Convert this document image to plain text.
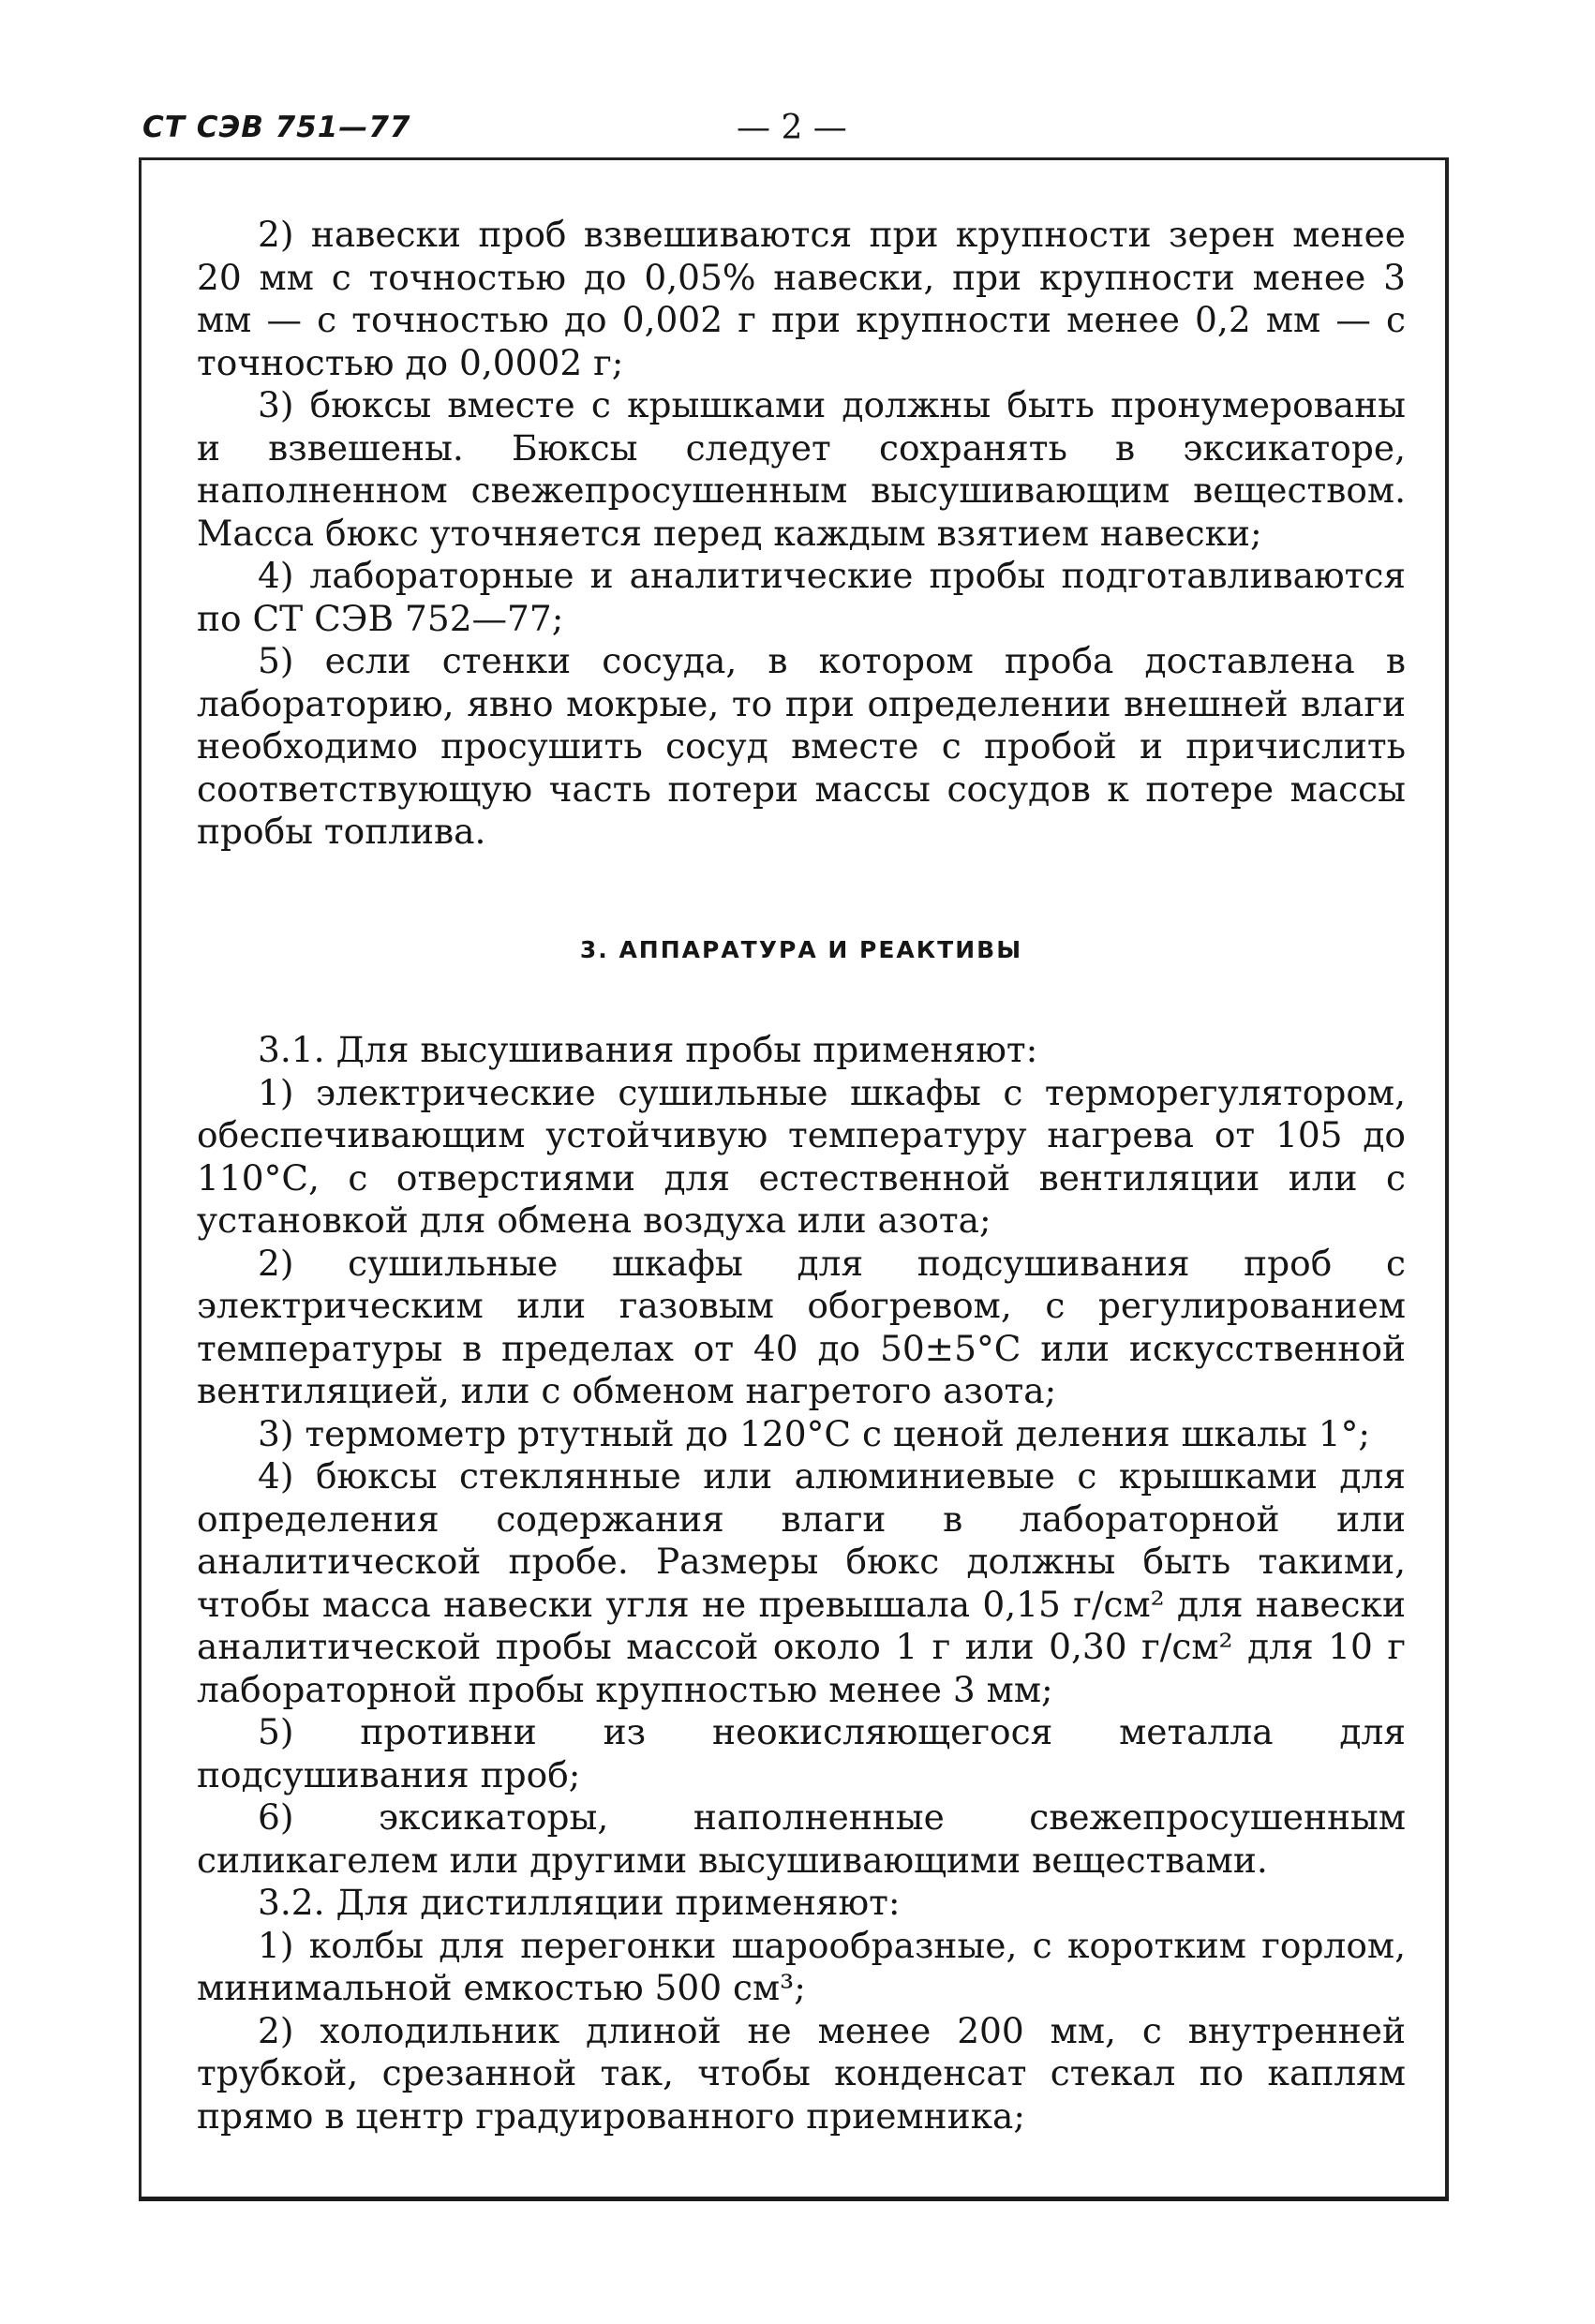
СТ СЭВ 751—77	— 2 —

2) навески проб взвешиваются при крупности зерен менее 20 мм с точностью до 0,05% навески, при крупности менее 3 мм — с точностью до 0,002 г при крупности менее 0,2 мм — с точностью до 0,0002 г;

3) бюксы вместе с крышками должны быть пронумерованы и взвешены. Бюксы следует сохранять в эксикаторе, наполненном свежепросушенным высушивающим веществом. Масса бюкс уточняется перед каждым взятием навески;

4) лабораторные и аналитические пробы подготавливаются по СТ СЭВ 752—77;

5) если стенки сосуда, в котором проба доставлена в лабораторию, явно мокрые, то при определении внешней влаги необходимо просушить сосуд вместе с пробой и причислить соответствующую часть потери массы сосудов к потере массы пробы топлива.

3. АППАРАТУРА И РЕАКТИВЫ

3.1. Для высушивания пробы применяют:

1) электрические сушильные шкафы с терморегулятором, обеспечивающим устойчивую температуру нагрева от 105 до 110°С, с отверстиями для естественной вентиляции или с установкой для обмена воздуха или азота;

2) сушильные шкафы для подсушивания проб с электрическим или газовым обогревом, с регулированием температуры в пределах от 40 до 50±5°С или искусственной вентиляцией, или с обменом нагретого азота;

3) термометр ртутный до 120°С с ценой деления шкалы 1°;

4) бюксы стеклянные или алюминиевые с крышками для определения содержания влаги в лабораторной или аналитической пробе. Размеры бюкс должны быть такими, чтобы масса навески угля не превышала 0,15 г/см² для навески аналитической пробы массой около 1 г или 0,30 г/см² для 10 г лабораторной пробы крупностью менее 3 мм;

5) противни из неокисляющегося металла для подсушивания проб;

6) эксикаторы, наполненные свежепросушенным силикагелем или другими высушивающими веществами.

3.2. Для дистилляции применяют:

1) колбы для перегонки шарообразные, с коротким горлом, минимальной емкостью 500 см³;

2) холодильник длиной не менее 200 мм, с внутренней трубкой, срезанной так, чтобы конденсат стекал по каплям прямо в центр градуированного приемника;
